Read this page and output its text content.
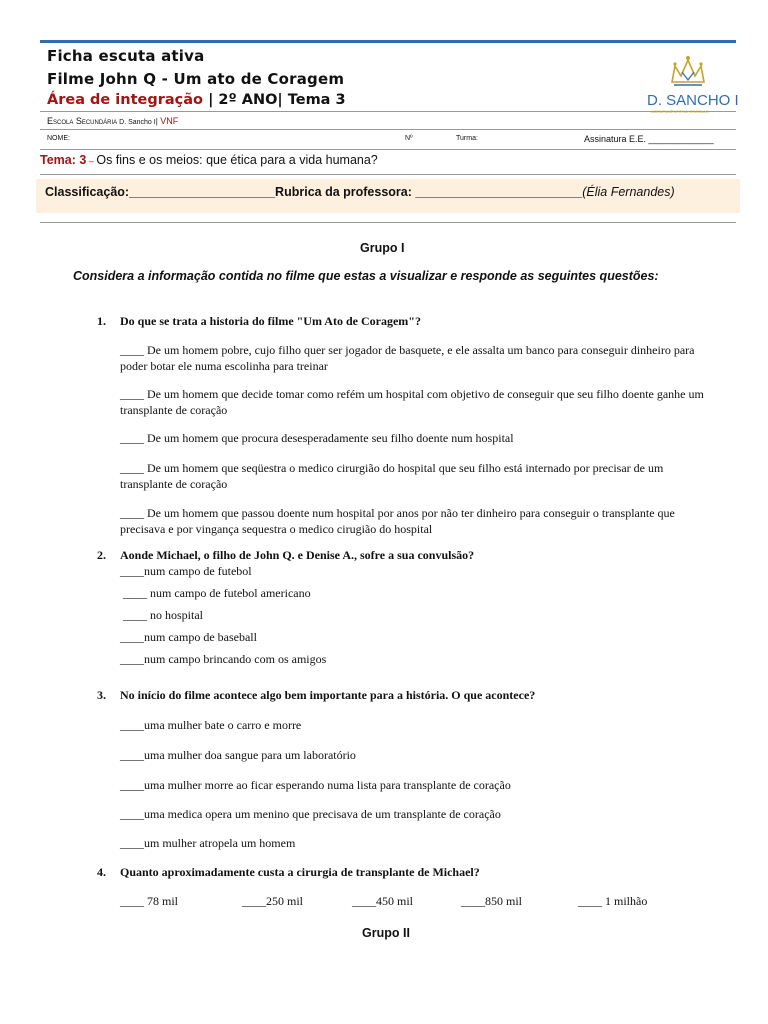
Ficha escuta ativa
Filme John Q - Um ato de Coragem
Área de integração | 2º ANO| Tema 3	D. SANCHO I
Escola Secundária D. Sancho I| VNF
NOME:	Nº	Turma:	Assinatura E.E. _____________
Tema: 3 – Os fins e os meios: que ética para a vida humana?
Classificação:_____________________Rubrica da professora: ________________________(Élia Fernandes)
Grupo I
Considera a informação contida no filme que estas a visualizar e responde as seguintes questões:
1. Do que se trata a historia do filme "Um Ato de Coragem"?
____ De um homem pobre, cujo filho quer ser jogador de basquete, e ele assalta um banco para conseguir dinheiro para poder botar ele numa escolinha para treinar
____ De um homem que decide tomar como refém um hospital com objetivo de conseguir que seu filho doente ganhe um transplante de coração
____ De um homem que procura desesperadamente seu filho doente num hospital
____ De um homem que seqüestra o medico cirurgião do hospital que seu filho está internado por precisar de um transplante de coração
____ De um homem que passou doente num hospital por anos por não ter dinheiro para conseguir o transplante que precisava e por vingança sequestra o medico cirugião do hospital
2. Aonde Michael, o filho de John Q. e Denise A., sofre a sua convulsão?
____num campo de futebol
____ num campo de futebol americano
____ no hospital
____num campo de baseball
____num campo brincando com os amigos
3. No início do filme acontece algo bem importante para a história. O que acontece?
____uma mulher bate o carro e morre
____uma mulher doa sangue para um laboratório
____uma mulher morre ao ficar esperando numa lista para transplante de coração
____uma medica opera um menino que precisava de um transplante de coração
____um mulher atropela um homem
4. Quanto aproximadamente custa a cirurgia de transplante de Michael?
____ 78 mil	____250 mil	____450 mil	____850 mil	____ 1 milhão
Grupo II
